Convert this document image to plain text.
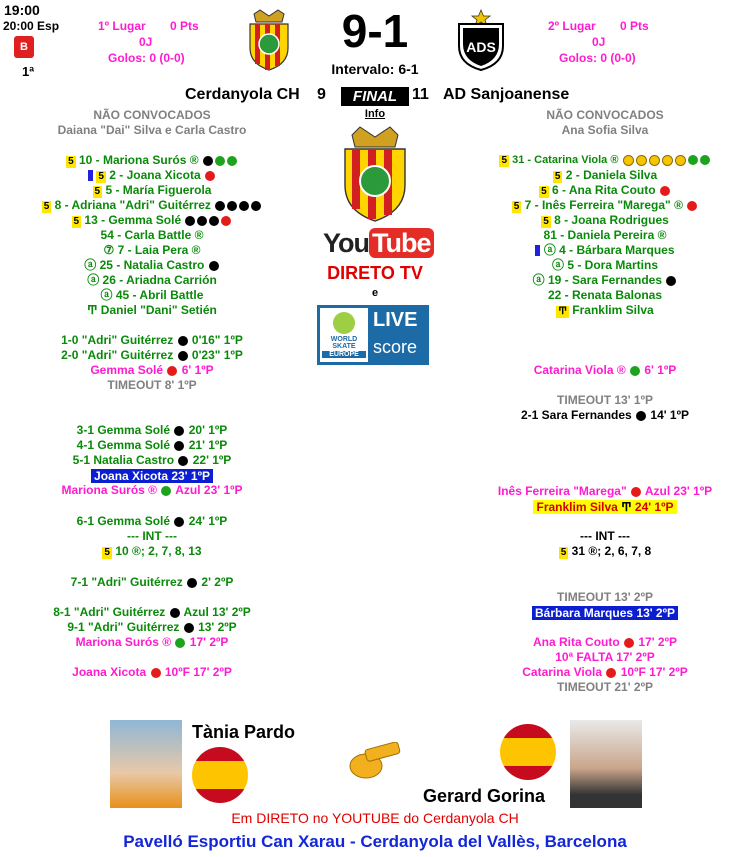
19:00
20:00 Esp
B
1ª
1º Lugar 0 Pts
0J
Golos: 0 (0-0)
2º Lugar 0 Pts
0J
Golos: 0 (0-0)
9-1
Intervalo: 6-1
ADS
Cerdanyola CH 9	FINAL 11 AD Sanjoanense
Info
NÃO CONVOCADOS
Daiana "Dai" Silva e Carla Castro
NÃO CONVOCADOS
Ana Sofia Silva
5 10 - Mariona Surós ®
5 2 - Joana Xicota
5 5 - María Figuerola
5 8 - Adriana "Adri" Guitérrez
5 13 - Gemma Solé
54 - Carla Battle ®
⑦ 7 - Laia Pera ®
ⓐ 25 - Natalia Castro
ⓐ 26 - Ariadna Carrión
ⓐ 45 - Abril Battle
Ͳ Daniel "Dani" Setién
5 31 - Catarina Viola ®
5 2 - Daniela Silva
5 6 - Ana Rita Couto
5 7 - Inês Ferreira "Marega" ®
5 8 - Joana Rodrigues
81 - Daniela Pereira ®
ⓐ 4 - Bárbara Marques
ⓐ 5 - Dora Martins
ⓐ 19 - Sara Fernandes
22 - Renata Balonas
Ͳ Franklim Silva
You Tube
DIRETO TV
e
WORLD
SKATE
EUROPE
LIVE
score
1-0 "Adri" Guitérrez 0'16" 1ºP
2-0 "Adri" Guitérrez 0'23" 1ºP
Gemma Solé 6' 1ºP
TIMEOUT 8' 1ºP
3-1 Gemma Solé 20' 1ºP
4-1 Gemma Solé 21' 1ºP
5-1 Natalia Castro 22' 1ºP
Joana Xicota 23' 1ºP
Mariona Surós ® Azul 23' 1ºP
6-1 Gemma Solé 24' 1ºP
--- INT ---
5 10 ®; 2, 7, 8, 13
7-1 "Adri" Guitérrez 2' 2ºP
8-1 "Adri" Guitérrez Azul 13' 2ºP
9-1 "Adri" Guitérrez 13' 2ºP
Mariona Surós ® 17' 2ºP
Joana Xicota 10ºF 17' 2ºP
Catarina Viola ® 6' 1ºP
TIMEOUT 13' 1ºP
2-1 Sara Fernandes 14' 1ºP
Inês Ferreira "Marega" Azul 23' 1ºP
Franklim Silva Ͳ 24' 1ºP
--- INT ---
5 31 ®; 2, 6, 7, 8
TIMEOUT 13' 2ºP
Bárbara Marques 13' 2ºP
Ana Rita Couto 17' 2ºP
10ª FALTA 17' 2ºP
Catarina Viola 10ºF 17' 2ºP
TIMEOUT 21' 2ºP
Tània Pardo
Gerard Gorina
Em DIRETO no YOUTUBE do Cerdanyola CH
Pavelló Esportiu Can Xarau - Cerdanyola del Vallès, Barcelona
